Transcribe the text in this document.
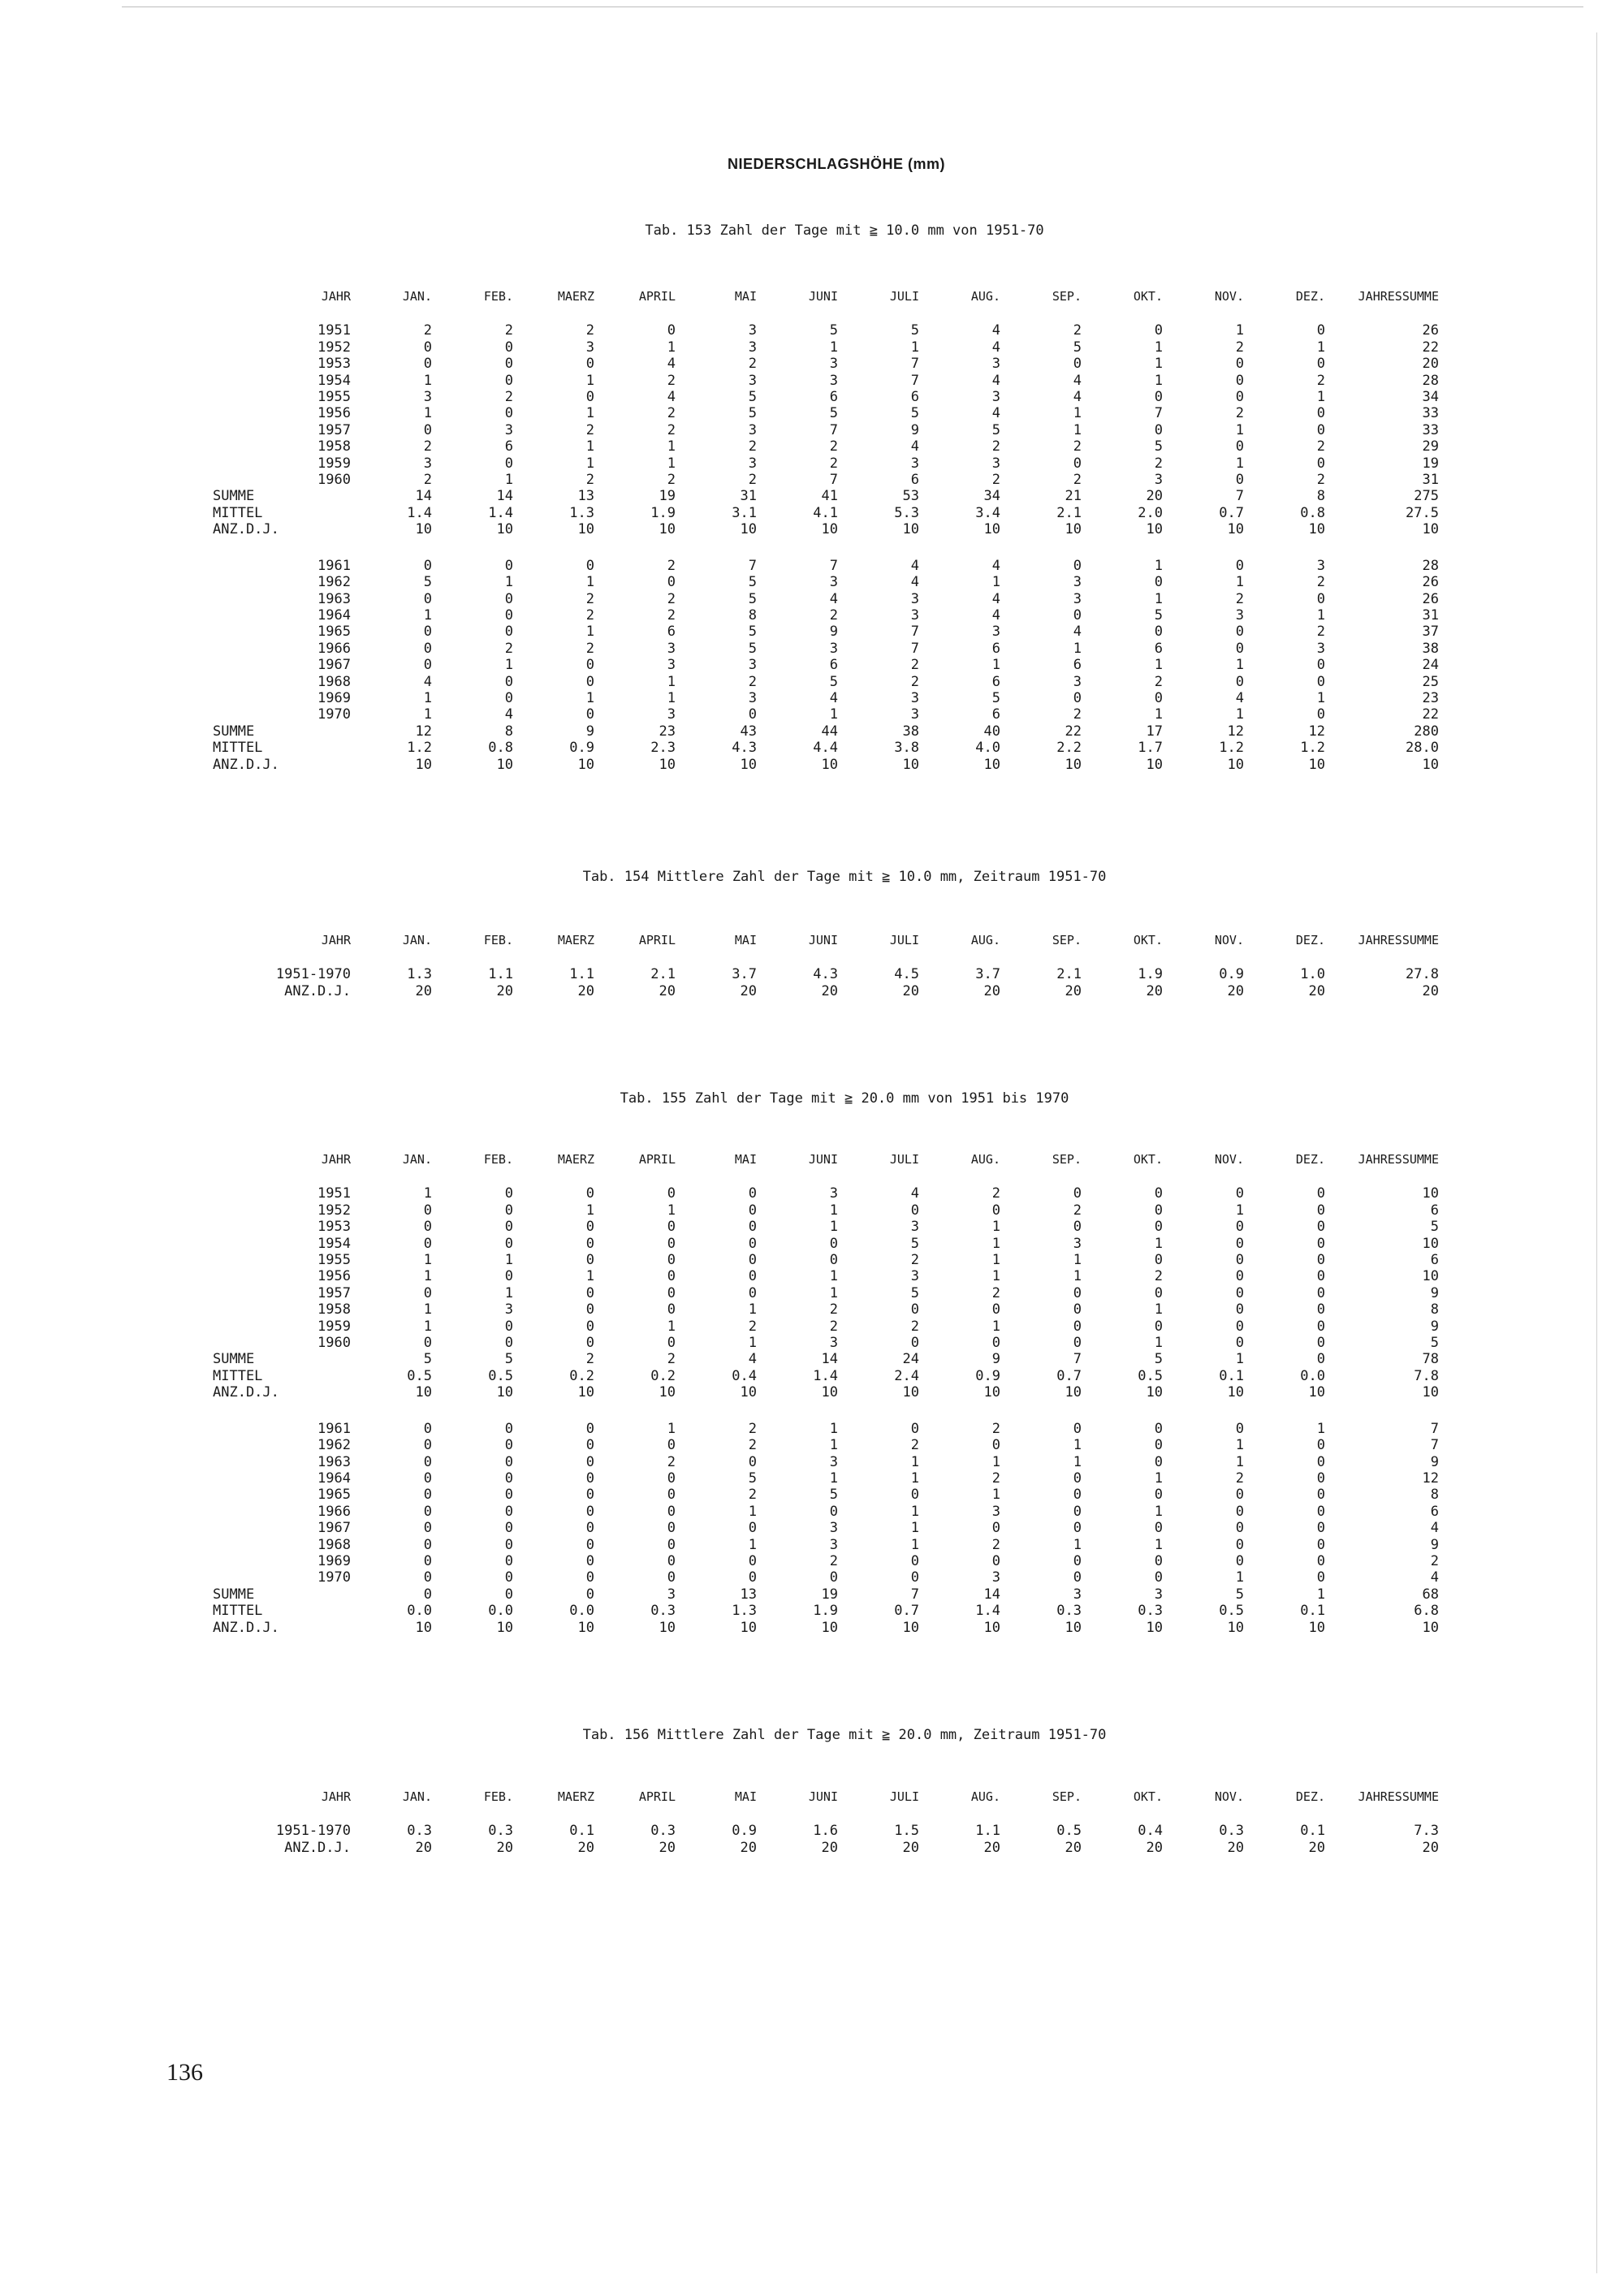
NIEDERSCHLAGSHÖHE (mm)
Tab. 153 Zahl der Tage mit ≧ 10.0 mm von 1951-70
JAHR	JAN.	FEB.	MAERZ	APRIL	MAI	JUNI	JULI	AUG.	SEP.	OKT.	NOV.	DEZ.	JAHRESSUMME

1951	2	2	2	0	3	5	5	4	2	0	1	0	26
1952	0	0	3	1	3	1	1	4	5	1	2	1	22
1953	0	0	0	4	2	3	7	3	0	1	0	0	20
1954	1	0	1	2	3	3	7	4	4	1	0	2	28
1955	3	2	0	4	5	6	6	3	4	0	0	1	34
1956	1	0	1	2	5	5	5	4	1	7	2	0	33
1957	0	3	2	2	3	7	9	5	1	0	1	0	33
1958	2	6	1	1	2	2	4	2	2	5	0	2	29
1959	3	0	1	1	3	2	3	3	0	2	1	0	19
1960	2	1	2	2	2	7	6	2	2	3	0	2	31
SUMME	14	14	13	19	31	41	53	34	21	20	7	8	275
MITTEL	1.4	1.4	1.3	1.9	3.1	4.1	5.3	3.4	2.1	2.0	0.7	0.8	27.5
ANZ.D.J.	10	10	10	10	10	10	10	10	10	10	10	10	10

1961	0	0	0	2	7	7	4	4	0	1	0	3	28
1962	5	1	1	0	5	3	4	1	3	0	1	2	26
1963	0	0	2	2	5	4	3	4	3	1	2	0	26
1964	1	0	2	2	8	2	3	4	0	5	3	1	31
1965	0	0	1	6	5	9	7	3	4	0	0	2	37
1966	0	2	2	3	5	3	7	6	1	6	0	3	38
1967	0	1	0	3	3	6	2	1	6	1	1	0	24
1968	4	0	0	1	2	5	2	6	3	2	0	0	25
1969	1	0	1	1	3	4	3	5	0	0	4	1	23
1970	1	4	0	3	0	1	3	6	2	1	1	0	22
SUMME	12	8	9	23	43	44	38	40	22	17	12	12	280
MITTEL	1.2	0.8	0.9	2.3	4.3	4.4	3.8	4.0	2.2	1.7	1.2	1.2	28.0
ANZ.D.J.	10	10	10	10	10	10	10	10	10	10	10	10	10
Tab. 154 Mittlere Zahl der Tage mit ≧ 10.0 mm, Zeitraum 1951-70
JAHR	JAN.	FEB.	MAERZ	APRIL	MAI	JUNI	JULI	AUG.	SEP.	OKT.	NOV.	DEZ.	JAHRESSUMME

1951-1970	1.3	1.1	1.1	2.1	3.7	4.3	4.5	3.7	2.1	1.9	0.9	1.0	27.8
ANZ.D.J.	20	20	20	20	20	20	20	20	20	20	20	20	20
Tab. 155 Zahl der Tage mit ≧ 20.0 mm von 1951 bis 1970
JAHR	JAN.	FEB.	MAERZ	APRIL	MAI	JUNI	JULI	AUG.	SEP.	OKT.	NOV.	DEZ.	JAHRESSUMME

1951	1	0	0	0	0	3	4	2	0	0	0	0	10
1952	0	0	1	1	0	1	0	0	2	0	1	0	6
1953	0	0	0	0	0	1	3	1	0	0	0	0	5
1954	0	0	0	0	0	0	5	1	3	1	0	0	10
1955	1	1	0	0	0	0	2	1	1	0	0	0	6
1956	1	0	1	0	0	1	3	1	1	2	0	0	10
1957	0	1	0	0	0	1	5	2	0	0	0	0	9
1958	1	3	0	0	1	2	0	0	0	1	0	0	8
1959	1	0	0	1	2	2	2	1	0	0	0	0	9
1960	0	0	0	0	1	3	0	0	0	1	0	0	5
SUMME	5	5	2	2	4	14	24	9	7	5	1	0	78
MITTEL	0.5	0.5	0.2	0.2	0.4	1.4	2.4	0.9	0.7	0.5	0.1	0.0	7.8
ANZ.D.J.	10	10	10	10	10	10	10	10	10	10	10	10	10

1961	0	0	0	1	2	1	0	2	0	0	0	1	7
1962	0	0	0	0	2	1	2	0	1	0	1	0	7
1963	0	0	0	2	0	3	1	1	1	0	1	0	9
1964	0	0	0	0	5	1	1	2	0	1	2	0	12
1965	0	0	0	0	2	5	0	1	0	0	0	0	8
1966	0	0	0	0	1	0	1	3	0	1	0	0	6
1967	0	0	0	0	0	3	1	0	0	0	0	0	4
1968	0	0	0	0	1	3	1	2	1	1	0	0	9
1969	0	0	0	0	0	2	0	0	0	0	0	0	2
1970	0	0	0	0	0	0	0	3	0	0	1	0	4
SUMME	0	0	0	3	13	19	7	14	3	3	5	1	68
MITTEL	0.0	0.0	0.0	0.3	1.3	1.9	0.7	1.4	0.3	0.3	0.5	0.1	6.8
ANZ.D.J.	10	10	10	10	10	10	10	10	10	10	10	10	10
Tab. 156 Mittlere Zahl der Tage mit ≧ 20.0 mm, Zeitraum 1951-70
JAHR	JAN.	FEB.	MAERZ	APRIL	MAI	JUNI	JULI	AUG.	SEP.	OKT.	NOV.	DEZ.	JAHRESSUMME

1951-1970	0.3	0.3	0.1	0.3	0.9	1.6	1.5	1.1	0.5	0.4	0.3	0.1	7.3
ANZ.D.J.	20	20	20	20	20	20	20	20	20	20	20	20	20
136
